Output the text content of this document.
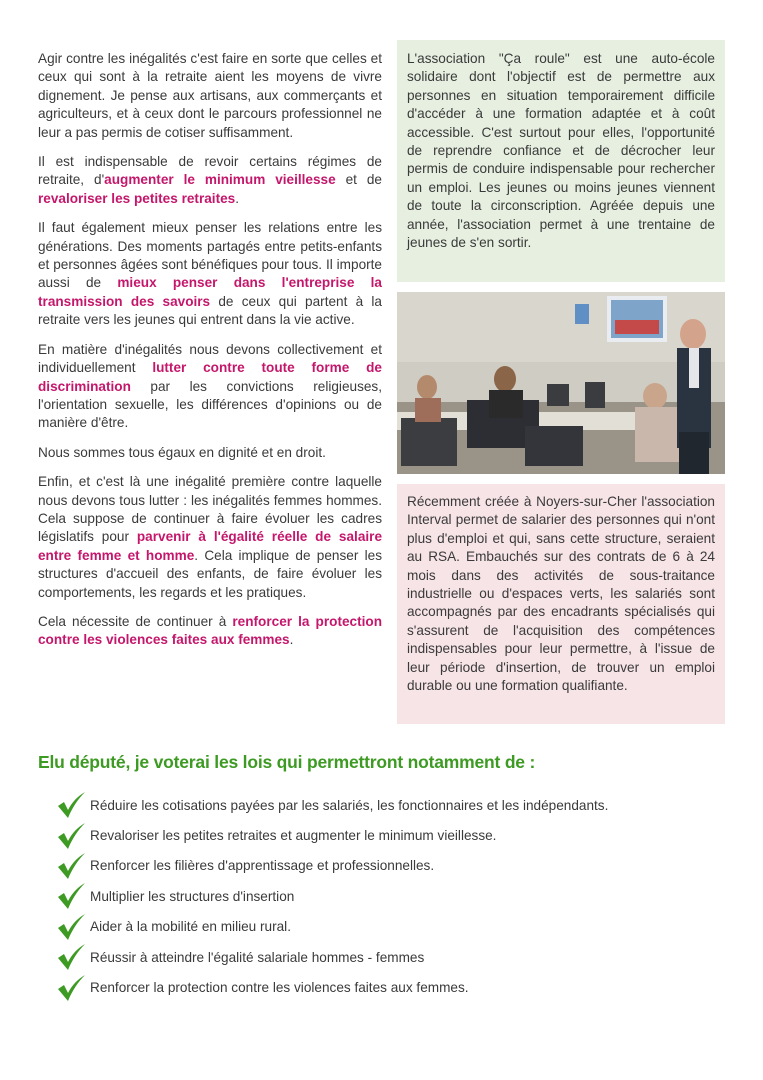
Agir contre les inégalités c'est faire en sorte que celles et ceux qui sont à la retraite aient les moyens de vivre dignement. Je pense aux artisans, aux commerçants et agriculteurs, et à ceux dont le parcours professionnel ne leur a pas permis de cotiser suffisamment.

Il est indispensable de revoir certains régimes de retraite, d'augmenter le minimum vieillesse et de revaloriser les petites retraites.

Il faut également mieux penser les relations entre les générations. Des moments partagés entre petits-enfants et personnes âgées sont bénéfiques pour tous. Il importe aussi de mieux penser dans l'entreprise la transmission des savoirs de ceux qui partent à la retraite vers les jeunes qui entrent dans la vie active.

En matière d'inégalités nous devons collectivement et individuellement lutter contre toute forme de discrimination par les convictions religieuses, l'orientation sexuelle, les différences d'opinions ou de manière d'être.

Nous sommes tous égaux en dignité et en droit.

Enfin, et c'est là une inégalité première contre laquelle nous devons tous lutter : les inégalités femmes hommes. Cela suppose de continuer à faire évoluer les cadres législatifs pour parvenir à l'égalité réelle de salaire entre femme et homme. Cela implique de penser les structures d'accueil des enfants, de faire évoluer les comportements, les regards et les pratiques.

Cela nécessite de continuer à renforcer la protection contre les violences faites aux femmes.

L'association "Ça roule" est une auto-école solidaire dont l'objectif est de permettre aux personnes en situation temporairement difficile d'accéder à une formation adaptée et à coût accessible. C'est surtout pour elles, l'opportunité de reprendre confiance et de décrocher leur permis de conduire indispensable pour rechercher un emploi. Les jeunes ou moins jeunes viennent de toute la circonscription. Agréée depuis une année, l'association permet à une trentaine de jeunes de s'en sortir.
Récemment créée à Noyers-sur-Cher l'association Interval permet de salarier des personnes qui n'ont plus d'emploi et qui, sans cette structure, seraient au RSA. Embauchés sur des contrats de 6 à 24 mois dans des activités de sous-traitance industrielle ou d'espaces verts, les salariés sont accompagnés par des encadrants spécialisés qui s'assurent de l'acquisition des compétences indispensables pour leur permettre, à l'issue de leur période d'insertion, de trouver un emploi durable ou une formation qualifiante.
Elu député, je voterai les lois qui permettront notamment de :
Réduire les cotisations payées par les salariés, les fonctionnaires et les indépendants.
Revaloriser les petites retraites et augmenter le minimum vieillesse.
Renforcer les filières d'apprentissage et professionnelles.
Multiplier les structures d'insertion
Aider à la mobilité en milieu rural.
Réussir à atteindre l'égalité salariale hommes - femmes
Renforcer la protection contre les violences faites aux femmes.
